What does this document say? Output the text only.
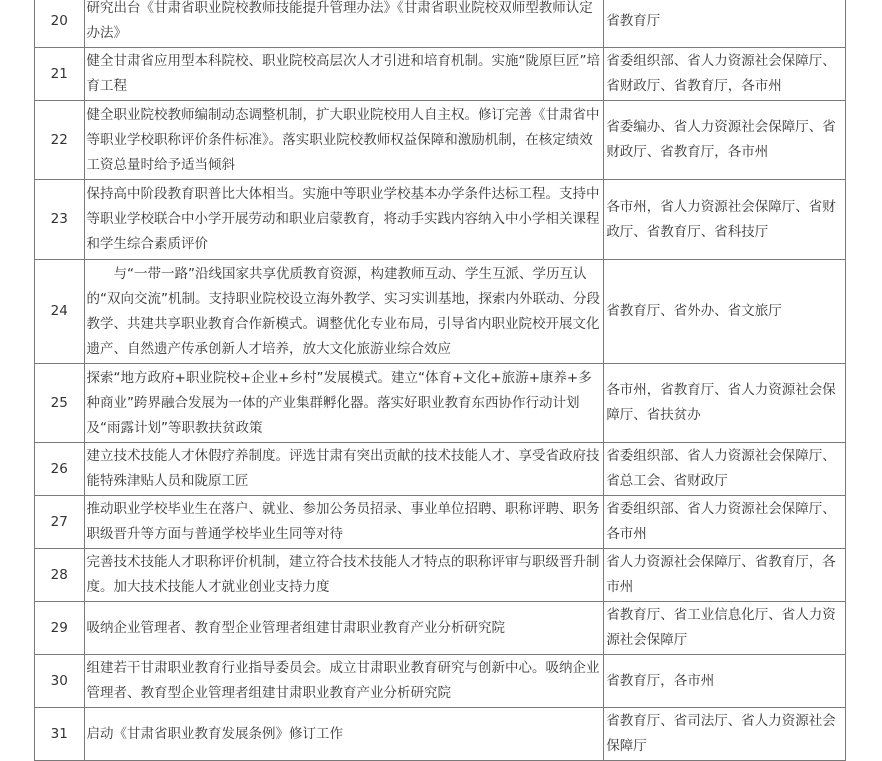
20	研究出台《甘肃省职业院校教师技能提升管理办法》《甘肃省职业院校双师型教师认定办法》	省教育厅
21	健全甘肃省应用型本科院校、职业院校高层次人才引进和培育机制。实施“陇原巨匠”培育工程	省委组织部、省人力资源社会保障厅、省财政厅、省教育厅，各市州
22	健全职业院校教师编制动态调整机制，扩大职业院校用人自主权。修订完善《甘肃省中等职业学校职称评价条件标准》。落实职业院校教师权益保障和激励机制，在核定绩效工资总量时给予适当倾斜	省委编办、省人力资源社会保障厅、省财政厅、省教育厅，各市州
23	保持高中阶段教育职普比大体相当。实施中等职业学校基本办学条件达标工程。支持中等职业学校联合中小学开展劳动和职业启蒙教育，将动手实践内容纳入中小学相关课程和学生综合素质评价	各市州，省人力资源社会保障厅、省财政厅、省教育厅、省科技厅
24	与“一带一路”沿线国家共享优质教育资源，构建教师互动、学生互派、学历互认的“双向交流”机制。支持职业院校设立海外教学、实习实训基地，探索内外联动、分段教学、共建共享职业教育合作新模式。调整优化专业布局，引导省内职业院校开展文化遗产、自然遗产传承创新人才培养，放大文化旅游业综合效应	省教育厅、省外办、省文旅厅
25	探索“地方政府+职业院校+企业+乡村”发展模式。建立“体育+文化+旅游+康养+多种商业”跨界融合发展为一体的产业集群孵化器。落实好职业教育东西协作行动计划及“雨露计划”等职教扶贫政策	各市州，省教育厅、省人力资源社会保障厅、省扶贫办
26	建立技术技能人才休假疗养制度。评选甘肃有突出贡献的技术技能人才、享受省政府技能特殊津贴人员和陇原工匠	省委组织部、省人力资源社会保障厅、省总工会、省财政厅
27	推动职业学校毕业生在落户、就业、参加公务员招录、事业单位招聘、职称评聘、职务职级晋升等方面与普通学校毕业生同等对待	省委组织部、省人力资源社会保障厅、各市州
28	完善技术技能人才职称评价机制，建立符合技术技能人才特点的职称评审与职级晋升制度。加大技术技能人才就业创业支持力度	省人力资源社会保障厅、省教育厅，各市州
29	吸纳企业管理者、教育型企业管理者组建甘肃职业教育产业分析研究院	省教育厅、省工业信息化厅、省人力资源社会保障厅
30	组建若干甘肃职业教育行业指导委员会。成立甘肃职业教育研究与创新中心。吸纳企业管理者、教育型企业管理者组建甘肃职业教育产业分析研究院	省教育厅，各市州
31	启动《甘肃省职业教育发展条例》修订工作	省教育厅、省司法厅、省人力资源社会保障厅
